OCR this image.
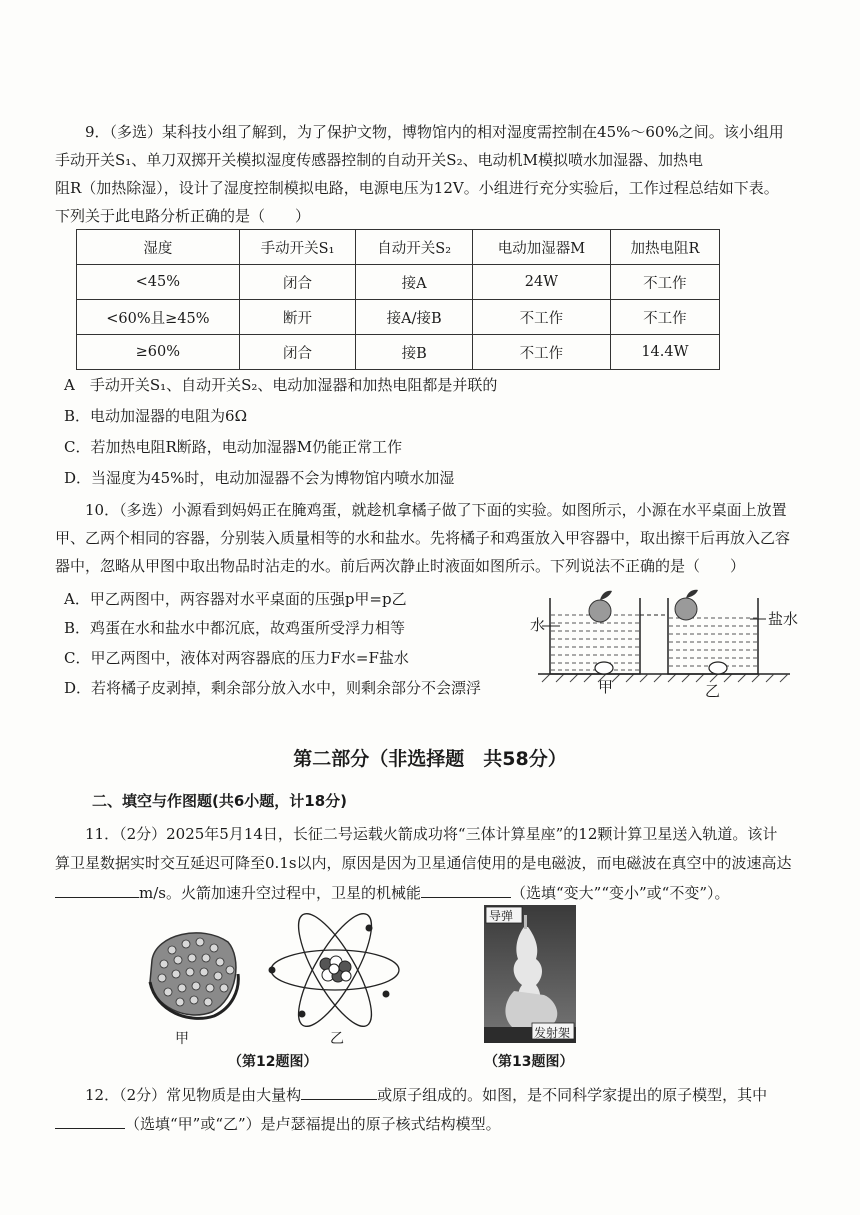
9．（多选）某科技小组了解到，为了保护文物，博物馆内的相对湿度需控制在45%～60%之间。该小组用

手动开关S₁、单刀双掷开关模拟湿度传感器控制的自动开关S₂、电动机M模拟喷水加湿器、加热电

阻R（加热除湿），设计了湿度控制模拟电路，电源电压为12V。小组进行充分实验后，工作过程总结如下表。

下列关于此电路分析正确的是（　　）

湿度	手动开关S₁	自动开关S₂	电动加湿器M	加热电阻R
<45%	闭合	接A	24W	不工作
<60%且≥45%	断开	接A/接B	不工作	不工作
≥60%	闭合	接B	不工作	14.4W
A　手动开关S₁、自动开关S₂、电动加湿器和加热电阻都是并联的
B．电动加湿器的电阻为6Ω
C．若加热电阻R断路，电动加湿器M仍能正常工作
D．当湿度为45%时，电动加湿器不会为博物馆内喷水加湿

10．（多选）小源看到妈妈正在腌鸡蛋，就趁机拿橘子做了下面的实验。如图所示，小源在水平桌面上放置

甲、乙两个相同的容器，分别装入质量相等的水和盐水。先将橘子和鸡蛋放入甲容器中，取出擦干后再放入乙容

器中，忽略从甲图中取出物品时沾走的水。前后两次静止时液面如图所示。下列说法不正确的是（　　）

A．甲乙两图中，两容器对水平桌面的压强p甲=p乙
B．鸡蛋在水和盐水中都沉底，故鸡蛋所受浮力相等
C．甲乙两图中，液体对两容器底的压力F水=F盐水
D．若将橘子皮剥掉，剩余部分放入水中，则剩余部分不会漂浮
水	盐水
甲	乙
第二部分（非选择题　共58分）
二、填空与作图题(共6小题，计18分)

11．（2分）2025年5月14日，长征二号运载火箭成功将“三体计算星座”的12颗计算卫星送入轨道。该计

算卫星数据实时交互延迟可降至0.1s以内，原因是因为卫星通信使用的是电磁波，而电磁波在真空中的波速高达

m/s。火箭加速升空过程中，卫星的机械能	（选填“变大”“变小”或“不变”）。

甲	乙
（第12题图）
导弹
发射架
（第13题图）

12．（2分）常见物质是由大量构	或原子组成的。如图，是不同科学家提出的原子模型，其中

（选填“甲”或“乙”）是卢瑟福提出的原子核式结构模型。
